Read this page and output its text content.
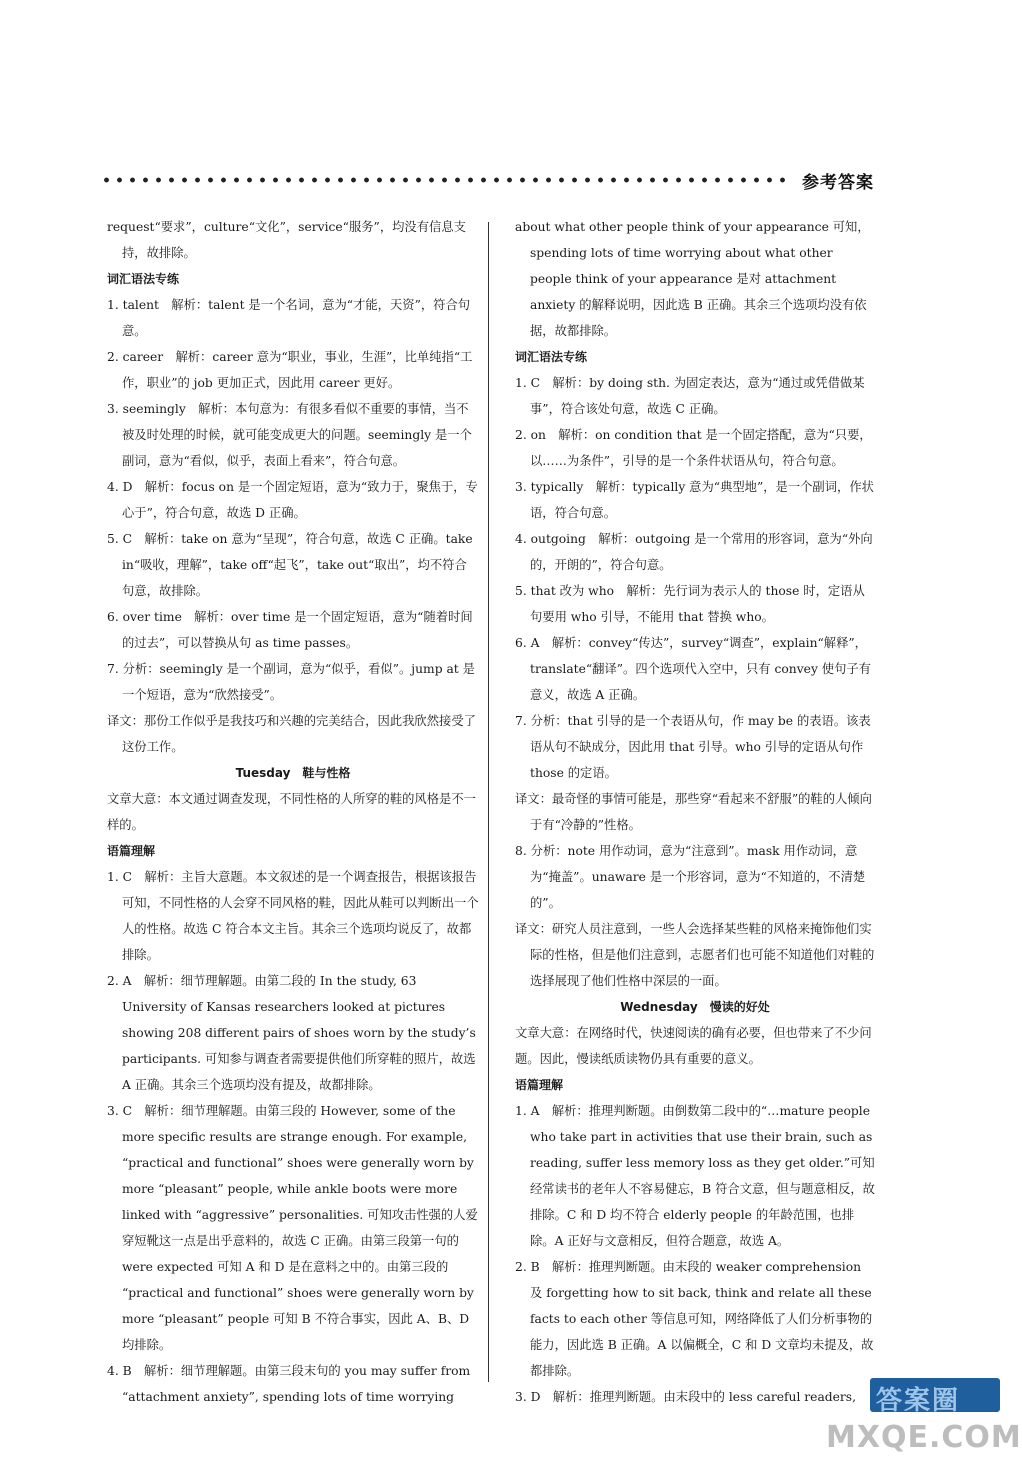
参考答案

request“要求”，culture“文化”，service“服务”，均没有信息支持，故排除。

词汇语法专练

1. talent　解析：talent 是一个名词，意为“才能，天资”，符合句意。

2. career　解析：career 意为“职业，事业，生涯”，比单纯指“工作，职业”的 job 更加正式，因此用 career 更好。

3. seemingly　解析：本句意为：有很多看似不重要的事情，当不被及时处理的时候，就可能变成更大的问题。seemingly 是一个副词，意为“看似，似乎，表面上看来”，符合句意。

4. D　解析：focus on 是一个固定短语，意为“致力于，聚焦于，专心于”，符合句意，故选 D 正确。

5. C　解析：take on 意为“呈现”，符合句意，故选 C 正确。take in“吸收，理解”，take off“起飞”，take out“取出”，均不符合句意，故排除。

6. over time　解析：over time 是一个固定短语，意为“随着时间的过去”，可以替换从句 as time passes。

7. 分析：seemingly 是一个副词，意为“似乎，看似”。jump at 是一个短语，意为“欣然接受”。

译文：那份工作似乎是我技巧和兴趣的完美结合，因此我欣然接受了这份工作。

Tuesday　鞋与性格

文章大意：本文通过调查发现，不同性格的人所穿的鞋的风格是不一样的。

语篇理解

1. C　解析：主旨大意题。本文叙述的是一个调查报告，根据该报告可知，不同性格的人会穿不同风格的鞋，因此从鞋可以判断出一个人的性格。故选 C 符合本文主旨。其余三个选项均说反了，故都排除。

2. A　解析：细节理解题。由第二段的 In the study, 63 University of Kansas researchers looked at pictures showing 208 different pairs of shoes worn by the study’s participants. 可知参与调查者需要提供他们所穿鞋的照片，故选 A 正确。其余三个选项均没有提及，故都排除。

3. C　解析：细节理解题。由第三段的 However, some of the more specific results are strange enough. For example, “practical and functional” shoes were generally worn by more “pleasant” people, while ankle boots were more linked with “aggressive” personalities. 可知攻击性强的人爱穿短靴这一点是出乎意料的，故选 C 正确。由第三段第一句的 were expected 可知 A 和 D 是在意料之中的。由第三段的 “practical and functional” shoes were generally worn by more “pleasant” people 可知 B 不符合事实，因此 A、B、D 均排除。

4. B　解析：细节理解题。由第三段末句的 you may suffer from “attachment anxiety”, spending lots of time worrying

about what other people think of your appearance 可知，spending lots of time worrying about what other people think of your appearance 是对 attachment anxiety 的解释说明，因此选 B 正确。其余三个选项均没有依据，故都排除。

词汇语法专练

1. C　解析：by doing sth. 为固定表达，意为“通过或凭借做某事”，符合该处句意，故选 C 正确。

2. on　解析：on condition that 是一个固定搭配，意为“只要，以……为条件”，引导的是一个条件状语从句，符合句意。

3. typically　解析：typically 意为“典型地”，是一个副词，作状语，符合句意。

4. outgoing　解析：outgoing 是一个常用的形容词，意为“外向的，开朗的”，符合句意。

5. that 改为 who　解析：先行词为表示人的 those 时，定语从句要用 who 引导，不能用 that 替换 who。

6. A　解析：convey“传达”，survey“调查”，explain“解释”，translate“翻译”。四个选项代入空中，只有 convey 使句子有意义，故选 A 正确。

7. 分析：that 引导的是一个表语从句，作 may be 的表语。该表语从句不缺成分，因此用 that 引导。who 引导的定语从句作 those 的定语。

译文：最奇怪的事情可能是，那些穿“看起来不舒服”的鞋的人倾向于有“冷静的”性格。

8. 分析：note 用作动词，意为“注意到”。mask 用作动词，意为“掩盖”。unaware 是一个形容词，意为“不知道的，不清楚的”。

译文：研究人员注意到，一些人会选择某些鞋的风格来掩饰他们实际的性格，但是他们注意到，志愿者们也可能不知道他们对鞋的选择展现了他们性格中深层的一面。

Wednesday　慢读的好处

文章大意：在网络时代，快速阅读的确有必要，但也带来了不少问题。因此，慢读纸质读物仍具有重要的意义。

语篇理解

1. A　解析：推理判断题。由倒数第二段中的“…mature people who take part in activities that use their brain, such as reading, suffer less memory loss as they get older.”可知经常读书的老年人不容易健忘，B 符合文意，但与题意相反，故排除。C 和 D 均不符合 elderly people 的年龄范围，也排除。A 正好与文意相反，但符合题意，故选 A。

2. B　解析：推理判断题。由末段的 weaker comprehension 及 forgetting how to sit back, think and relate all these facts to each other 等信息可知，网络降低了人们分析事物的能力，因此选 B 正确。A 以偏概全，C 和 D 文章均未提及，故都排除。

3. D　解析：推理判断题。由末段中的 less careful readers, 答案圈
MXQE.COM
